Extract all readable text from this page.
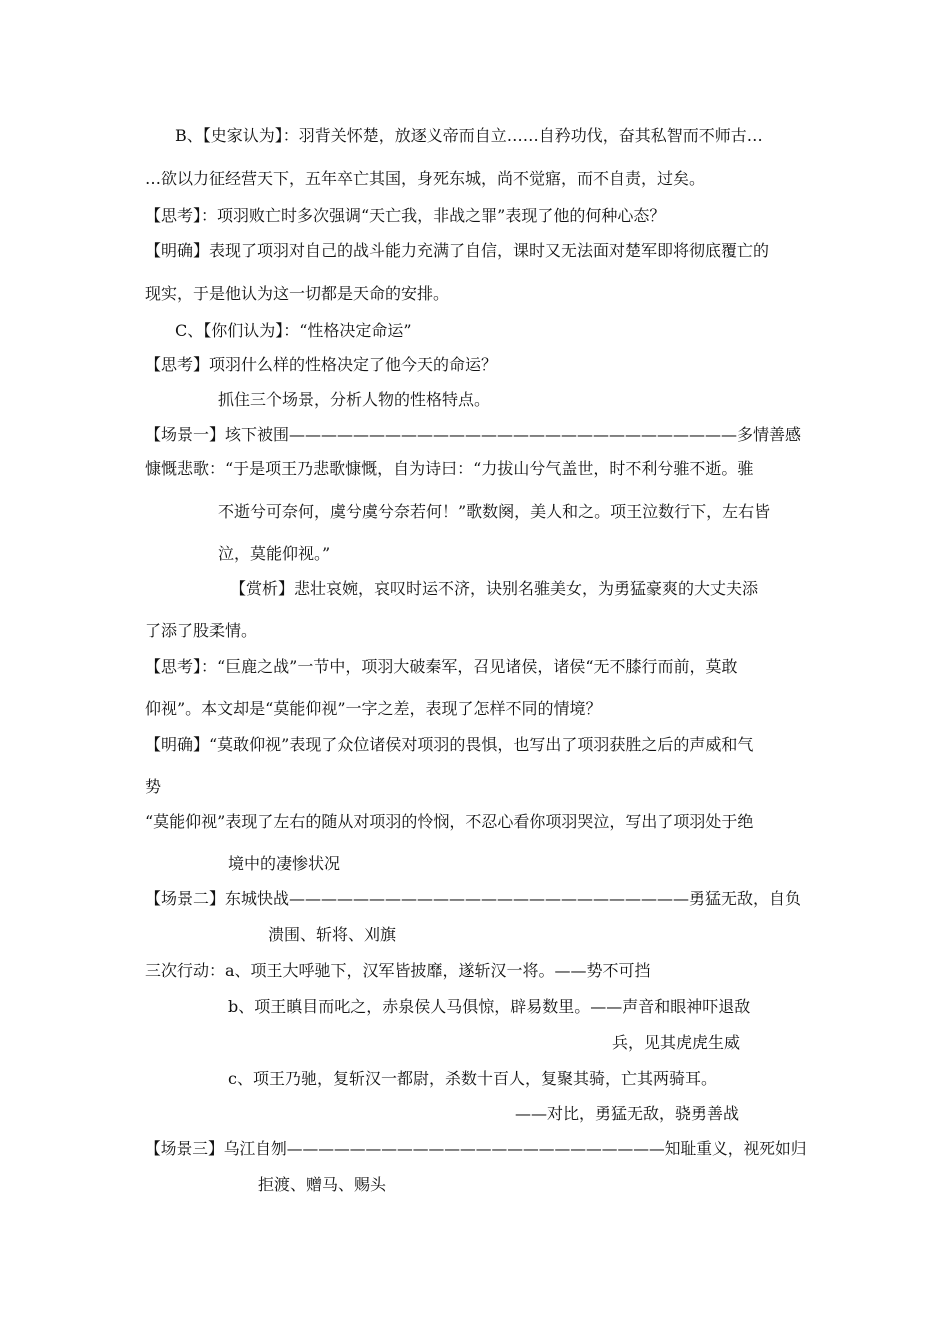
B、【史家认为】：羽背关怀楚，放逐义帝而自立……自矜功伐，奋其私智而不师古…
…欲以力征经营天下，五年卒亡其国，身死东城，尚不觉寤，而不自责，过矣。
【思考】：项羽败亡时多次强调“天亡我，非战之罪”表现了他的何种心态？
【明确】表现了项羽对自己的战斗能力充满了自信，课时又无法面对楚军即将彻底覆亡的
现实，于是他认为这一切都是天命的安排。
C、【你们认为】：“性格决定命运”
【思考】项羽什么样的性格决定了他今天的命运？
抓住三个场景，分析人物的性格特点。
【场景一】垓下被围————————————————————————————多情善感
慷慨悲歌：“于是项王乃悲歌慷慨，自为诗曰：“力拔山兮气盖世，时不利兮骓不逝。骓
不逝兮可奈何，虞兮虞兮奈若何！”歌数阕，美人和之。项王泣数行下，左右皆
泣，莫能仰视。”
【赏析】悲壮哀婉，哀叹时运不济，诀别名骓美女，为勇猛豪爽的大丈夫添
了添了股柔情。
【思考】：“巨鹿之战”一节中，项羽大破秦军，召见诸侯，诸侯“无不膝行而前，莫敢
仰视”。本文却是“莫能仰视”一字之差，表现了怎样不同的情境？
【明确】“莫敢仰视”表现了众位诸侯对项羽的畏惧，也写出了项羽获胜之后的声威和气
势
“莫能仰视”表现了左右的随从对项羽的怜悯，不忍心看你项羽哭泣，写出了项羽处于绝
境中的凄惨状况
【场景二】东城快战—————————————————————————勇猛无敌，自负
溃围、斩将、刈旗
三次行动：a、项王大呼驰下，汉军皆披靡，遂斩汉一将。——势不可挡
b、项王瞋目而叱之，赤泉侯人马俱惊，辟易数里。——声音和眼神吓退敌
兵，见其虎虎生威
c、项王乃驰，复斩汉一都尉，杀数十百人，复聚其骑，亡其两骑耳。
——对比，勇猛无敌，骁勇善战
【场景三】乌江自刎————————————————————————知耻重义，视死如归
拒渡、赠马、赐头
